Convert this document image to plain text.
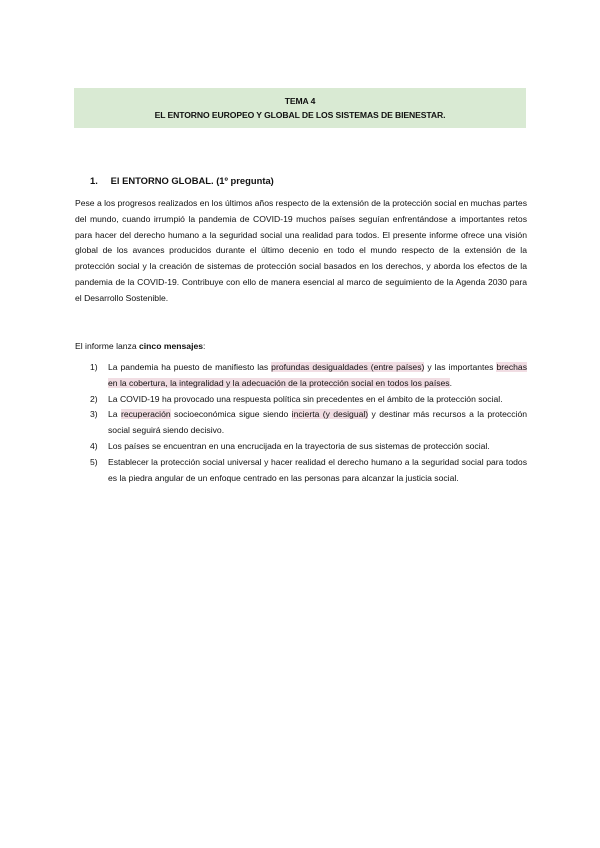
TEMA 4
EL ENTORNO EUROPEO Y GLOBAL DE LOS SISTEMAS DE BIENESTAR.
1. El ENTORNO GLOBAL. (1º pregunta)
Pese a los progresos realizados en los últimos años respecto de la extensión de la protección social en muchas partes del mundo, cuando irrumpió la pandemia de COVID-19 muchos países seguían enfrentándose a importantes retos para hacer del derecho humano a la seguridad social una realidad para todos. El presente informe ofrece una visión global de los avances producidos durante el último decenio en todo el mundo respecto de la extensión de la protección social y la creación de sistemas de protección social basados en los derechos, y aborda los efectos de la pandemia de la COVID-19. Contribuye con ello de manera esencial al marco de seguimiento de la Agenda 2030 para el Desarrollo Sostenible.
El informe lanza cinco mensajes:
1) La pandemia ha puesto de manifiesto las profundas desigualdades (entre países) y las importantes brechas en la cobertura, la integralidad y la adecuación de la protección social en todos los países.
2) La COVID-19 ha provocado una respuesta política sin precedentes en el ámbito de la protección social.
3) La recuperación socioeconómica sigue siendo incierta (y desigual) y destinar más recursos a la protección social seguirá siendo decisivo.
4) Los países se encuentran en una encrucijada en la trayectoria de sus sistemas de protección social.
5) Establecer la protección social universal y hacer realidad el derecho humano a la seguridad social para todos es la piedra angular de un enfoque centrado en las personas para alcanzar la justicia social.
